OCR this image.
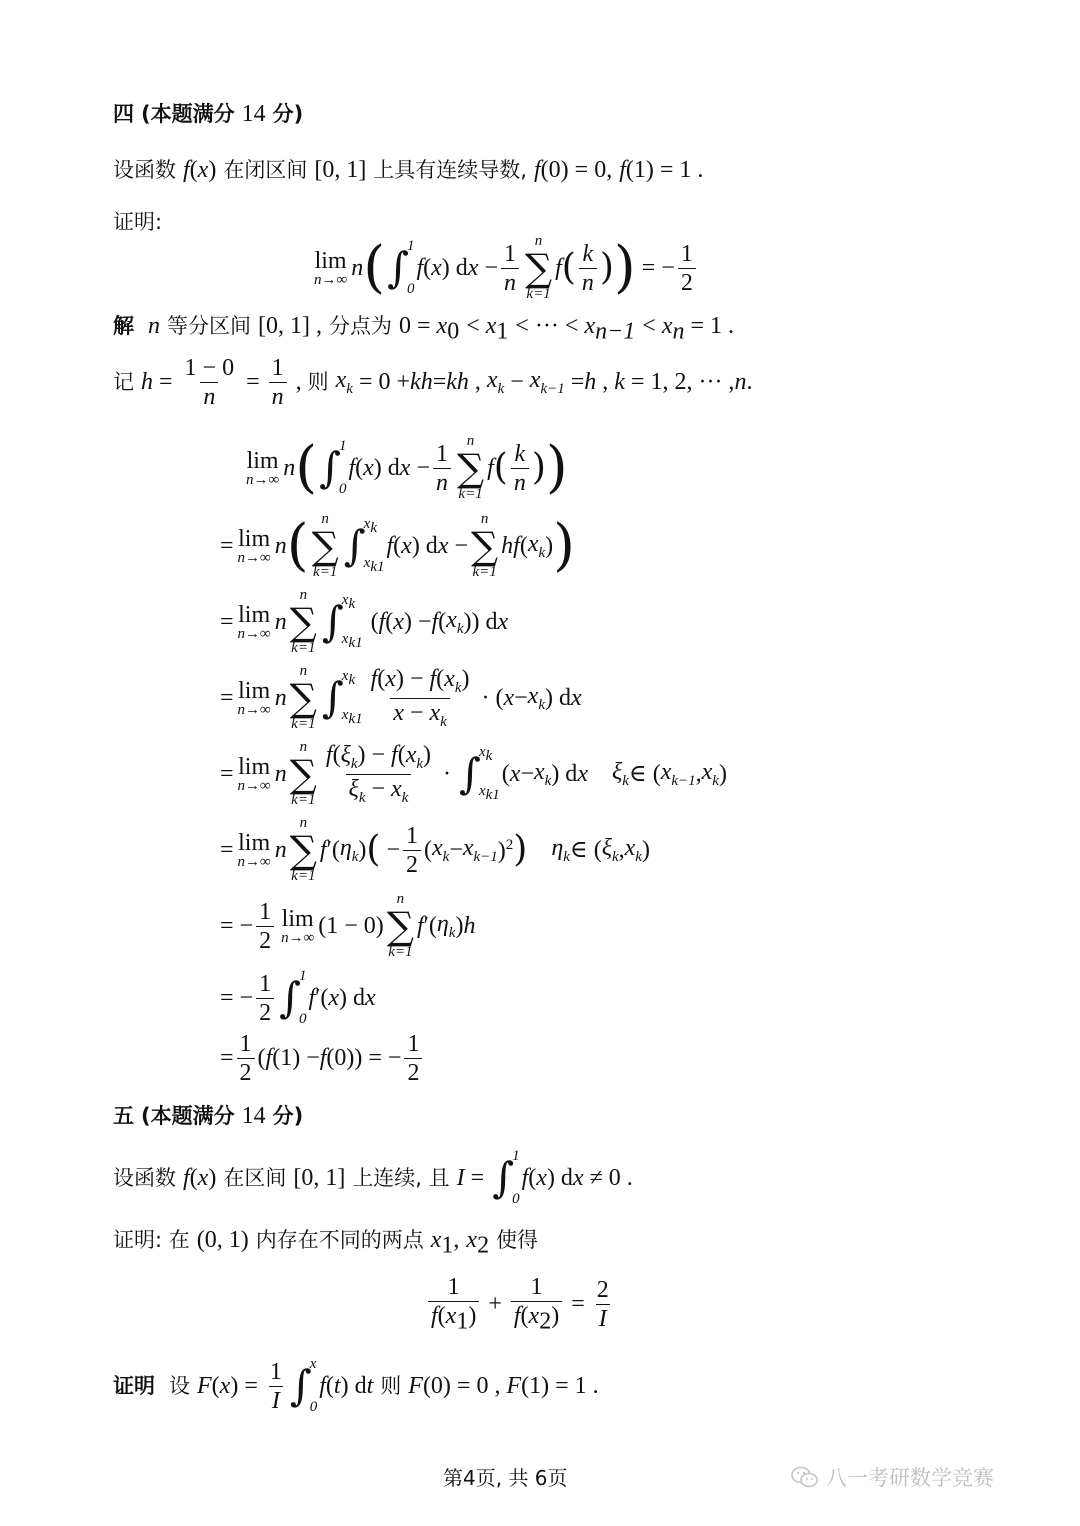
四 (本题满分 14 分)
设函数 f(x) 在闭区间 [0, 1] 上具有连续导数, f(0) = 0, f(1) = 1 .
证明:
lim
n→∞ n ( ∫
1
0
f ( x ) d $x - \frac{1}{n}$
n
∑
k=1
f ( $\frac{k}{n}$ ) ) = − $\frac{1}{2}$
解 n 等分区间 [0, 1] , 分点为 $0 = x_0 < x_1$ < ··· < $x_{n-1} < x_n = 1$ .
记
$h = \frac{1 - 0}{n} = \frac{1}{n}$ , 则
$x_k = 0$ + kh = kh , $x_k - x_{k-1} = h$ , k = 1, 2, ··· , n .
lim
n→∞ n ( ∫
1
0
f ( x ) d $x - \frac{1}{n}$
n
∑
k=1
f ( $\frac{k}{n}$ ) )
= lim
n→∞ n ( n
∑
k=1
∫
$x_k$
$x_{k1}$
f ( x ) d x −
n
∑
k=1
hf ( $x_k$ ) )
= lim
n→∞ n
n
∑
k=1
∫
$x_k$
$x_{k1}$
( f ( x ) − f ( $x_k$ )) d x
= lim
n→∞ n
n
∑
k=1
∫
$x_k$
$x_{k1} \frac{f(x) - f(x_k)}{x - x_k}$ · ( $x - x_k$ ) d x
= lim
n→∞ n
n
∑
$k=1 \frac{f(\xi_k) - f(x_k)}{\xi_k - x_k}$ · ∫
$x_k$
$x_{k1}$
( $x - x_k$ ) d x
$\xi_k$ ∈ ( $x_{k-1}$ , $x_k$ )
= lim
n→∞ n
n
∑
k=1
f ′( $\eta_k$ ) ( − $\frac{1}{2}$ ( $x_k - x_{k-1}$ )$^2$ )
$\eta_k$ ∈ ( $\xi_k$ , $x_k$ )
= − $\frac{1}{2}$ lim
n→∞ (1 − 0)
n
∑
k=1
f ′( $\eta_k$ ) h
= − $\frac{1}{2}$ ∫
1
0
f ′( x ) d x
= $\frac{1}{2}$ ( f (1) − f (0)) = − $\frac{1}{2}$
五 (本题满分 14 分)
设函数
f ( x )
在区间
[0, 1]
上连续, 且
I = ∫
1
0
f ( x ) d x ≠ 0 .
证明: 在 (0, 1) 内存在不同的两点 $x_1$, $x_2$ 使得
$\frac{1}{f(x_1)} + \frac{1}{f(x_2)} = \frac{2}{I}$
证明
设
F ( x ) = $\frac{1}{I}$ ∫
x
0
f ( t ) d t
则
F (0) = 0 , F (1) = 1 .
第4页, 共 6页	八一考研数学竞赛
